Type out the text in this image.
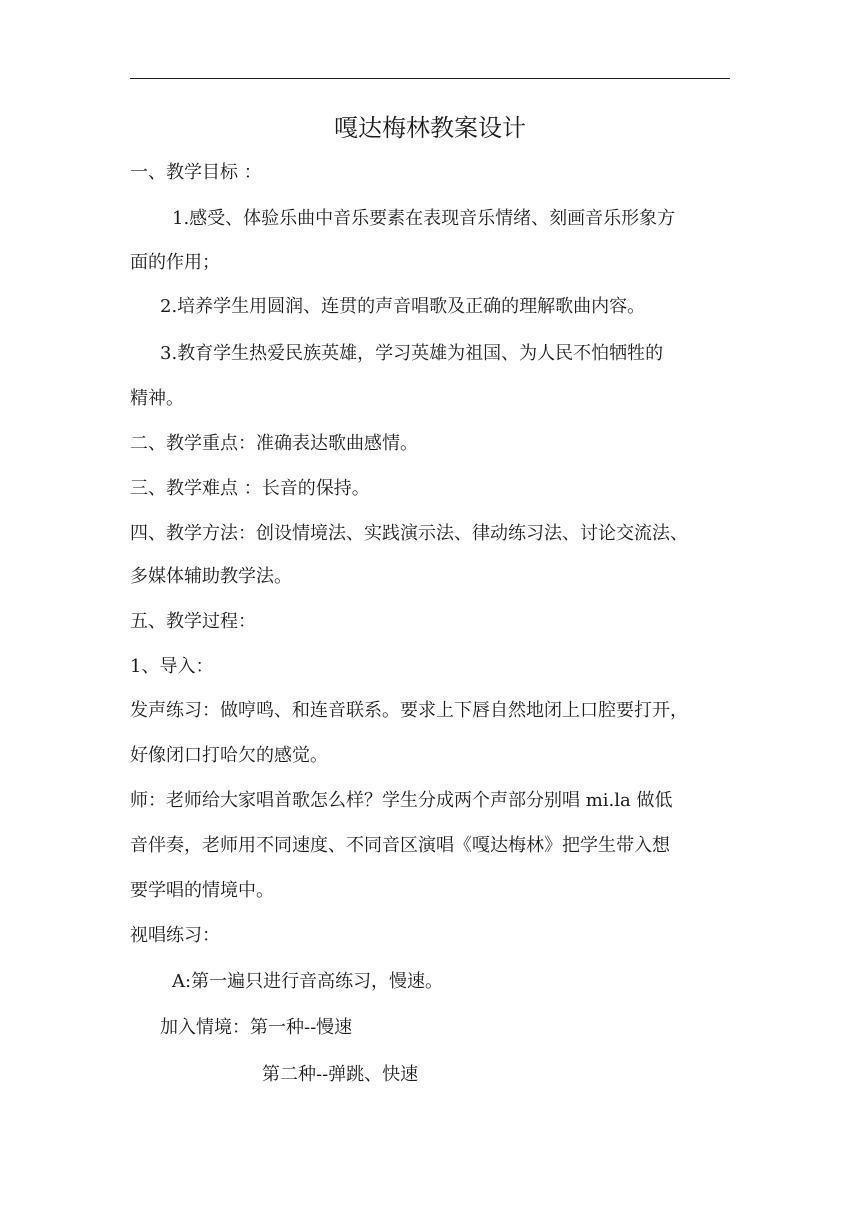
嘎达梅林教案设计
一、教学目标 ：
1.感受、体验乐曲中音乐要素在表现音乐情绪、刻画音乐形象方
面的作用；
2.培养学生用圆润、连贯的声音唱歌及正确的理解歌曲内容。
3.教育学生热爱民族英雄，学习英雄为祖国、为人民不怕牺牲的
精神。
二、教学重点：准确表达歌曲感情。
三、教学难点 ：长音的保持。
四、教学方法：创设情境法、实践演示法、律动练习法、讨论交流法、
多媒体辅助教学法。
五、教学过程：
1、导入：
发声练习：做哼鸣、和连音联系。要求上下唇自然地闭上口腔要打开，
好像闭口打哈欠的感觉。
师：老师给大家唱首歌怎么样？学生分成两个声部分别唱 mi.la 做低
音伴奏，老师用不同速度、不同音区演唱《嘎达梅林》把学生带入想
要学唱的情境中。
视唱练习：
A:第一遍只进行音高练习，慢速。
加入情境：第一种--慢速
第二种--弹跳、快速
